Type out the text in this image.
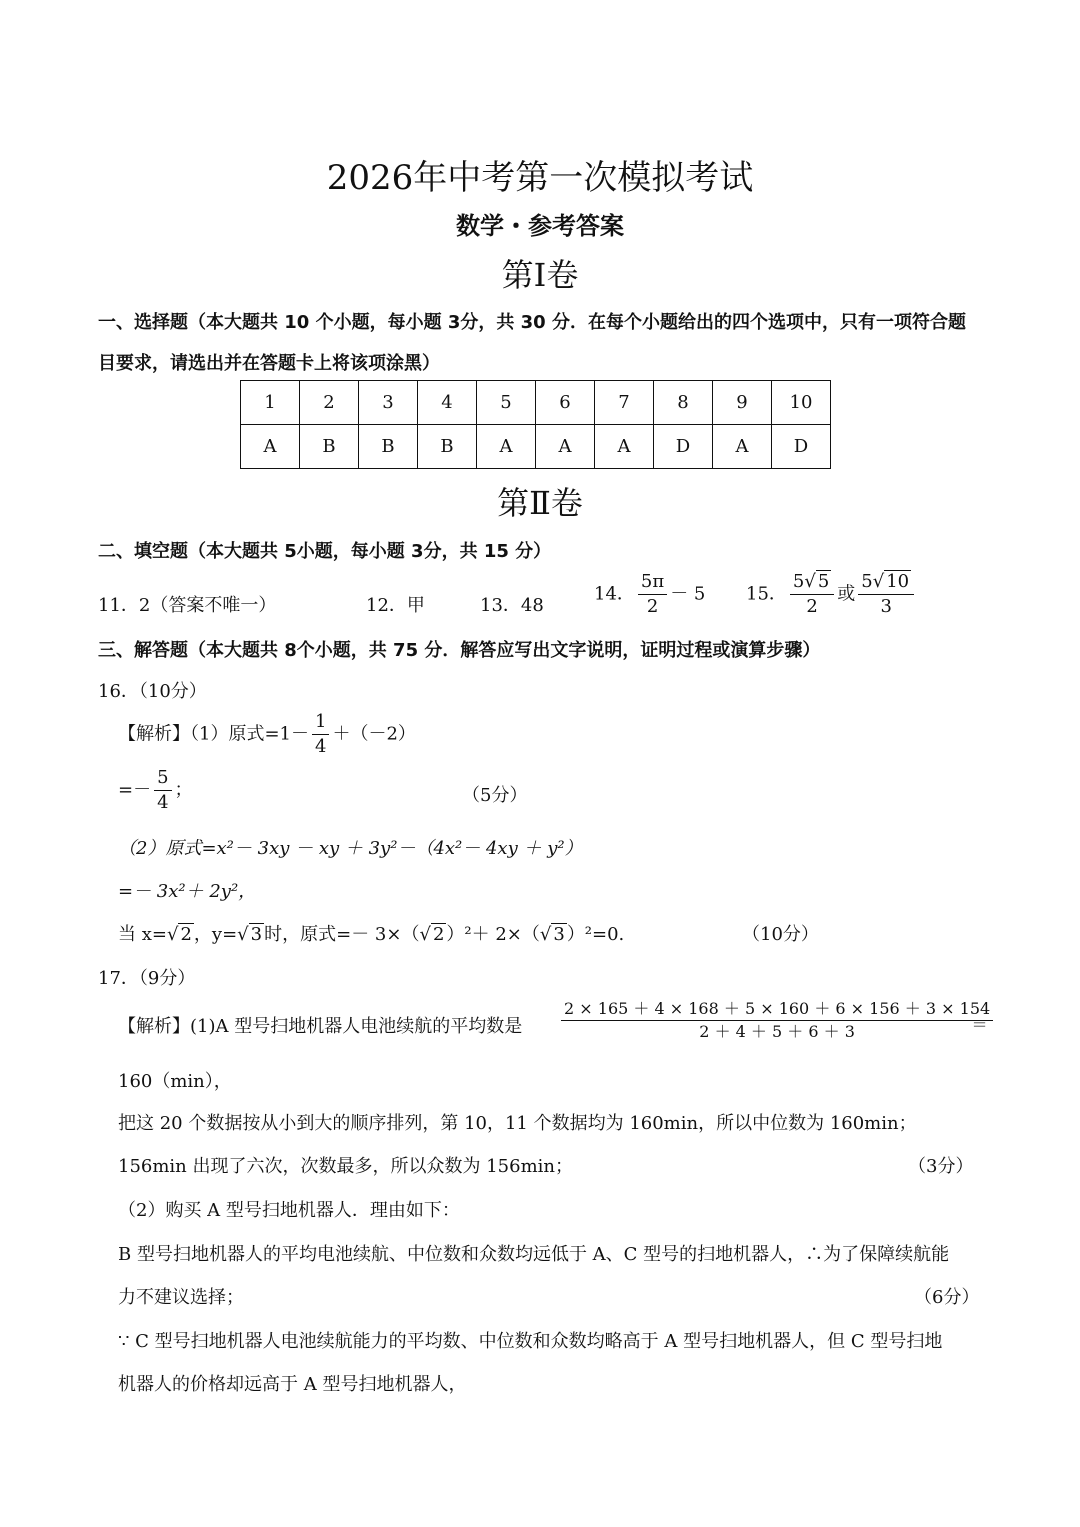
2026年中考第一次模拟考试
数学・参考答案
第Ⅰ卷
一、选择题（本大题共 10 个小题，每小题 3分，共 30 分．在每个小题给出的四个选项中，只有一项符合题
目要求，请选出并在答题卡上将该项涂黑）
1	2	3	4	5	6	7	8	9	10
A	B	B	B	A	A	A	D	A	D
第Ⅱ卷
二、填空题（本大题共 5小题，每小题 3分，共 15 分）
11．2（答案不唯一）	12．甲	13．48
14． $\frac{5\pi}{2} - 5$ 15． $\frac{5√ 5}{2}$ 或 $\frac{5√ 10}{3}$
三、解答题（本大题共 8个小题，共 75 分．解答应写出文字说明，证明过程或演算步骤）
16．（10分）
【解析】（1）原式$=1- \frac{1}{4} +(-2)$
=－ $\frac{5}{4}$ ；	（5分）
（2）原式=x²－ 3xy － xy ＋ 3y²－（4x²－ 4xy ＋ y²）
=－ 3x²＋ 2y²，
当 x=√ 2 ，y=√ 3 时，原式=－ 3×（√ 2 ）²＋ 2×（√ 3 ）²=0.	（10分）
17．（9分）
【解析】(1)A 型号扫地机器人电池续航的平均数是 $\frac{2 \times 165 + 4 \times 168 + 5 \times 160 + 6 \times 156 + 3 \times 154}{2 + 4 + 5 + 6 + 3}$
=
160（min），
把这 20 个数据按从小到大的顺序排列，第 10，11 个数据均为 160min，所以中位数为 160min；
156min 出现了六次，次数最多，所以众数为 156min；	（3分）
（2）购买 A 型号扫地机器人．理由如下：
B 型号扫地机器人的平均电池续航、中位数和众数均远低于 A、C 型号的扫地机器人，∴为了保障续航能
力不建议选择；	（6分）
∵ C 型号扫地机器人电池续航能力的平均数、中位数和众数均略高于 A 型号扫地机器人，但 C 型号扫地
机器人的价格却远高于 A 型号扫地机器人，
